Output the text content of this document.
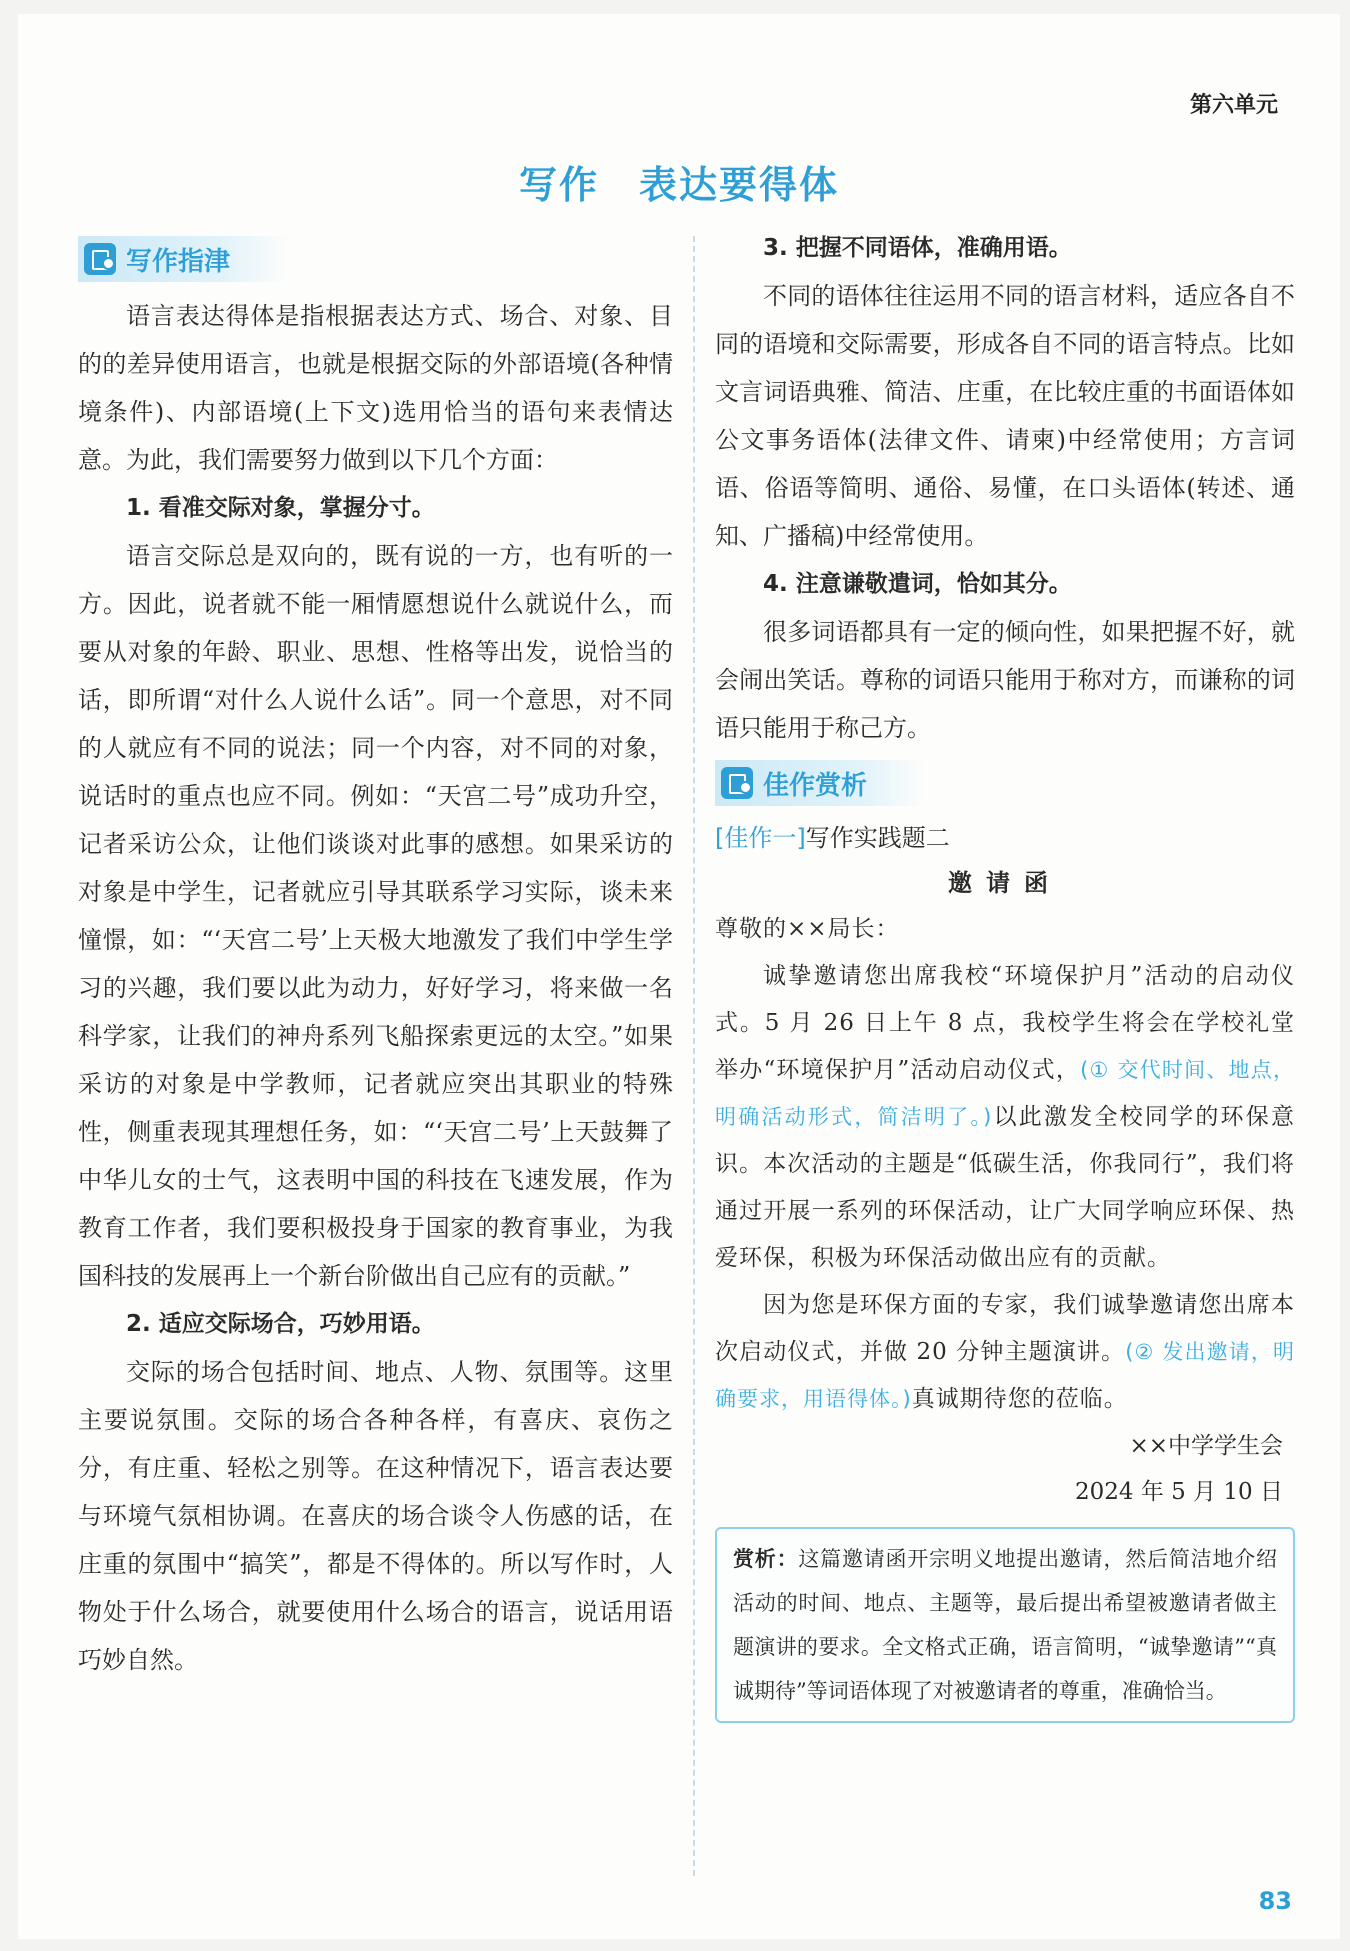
第六单元
写作 表达要得体
写作指津

语言表达得体是指根据表达方式、场合、对象、目的的差异使用语言，也就是根据交际的外部语境(各种情境条件)、内部语境(上下文)选用恰当的语句来表情达意。为此，我们需要努力做到以下几个方面：

1. 看准交际对象，掌握分寸。

语言交际总是双向的，既有说的一方，也有听的一方。因此，说者就不能一厢情愿想说什么就说什么，而要从对象的年龄、职业、思想、性格等出发，说恰当的话，即所谓“对什么人说什么话”。同一个意思，对不同的人就应有不同的说法；同一个内容，对不同的对象，说话时的重点也应不同。例如：“天宫二号”成功升空，记者采访公众，让他们谈谈对此事的感想。如果采访的对象是中学生，记者就应引导其联系学习实际，谈未来憧憬，如：“‘天宫二号’上天极大地激发了我们中学生学习的兴趣，我们要以此为动力，好好学习，将来做一名科学家，让我们的神舟系列飞船探索更远的太空。”如果采访的对象是中学教师，记者就应突出其职业的特殊性，侧重表现其理想任务，如：“‘天宫二号’上天鼓舞了中华儿女的士气，这表明中国的科技在飞速发展，作为教育工作者，我们要积极投身于国家的教育事业，为我国科技的发展再上一个新台阶做出自己应有的贡献。”

2. 适应交际场合，巧妙用语。

交际的场合包括时间、地点、人物、氛围等。这里主要说氛围。交际的场合各种各样，有喜庆、哀伤之分，有庄重、轻松之别等。在这种情况下，语言表达要与环境气氛相协调。在喜庆的场合谈令人伤感的话，在庄重的氛围中“搞笑”，都是不得体的。所以写作时，人物处于什么场合，就要使用什么场合的语言，说话用语巧妙自然。

3. 把握不同语体，准确用语。

不同的语体往往运用不同的语言材料，适应各自不同的语境和交际需要，形成各自不同的语言特点。比如文言词语典雅、简洁、庄重，在比较庄重的书面语体如公文事务语体(法律文件、请柬)中经常使用；方言词语、俗语等简明、通俗、易懂，在口头语体(转述、通知、广播稿)中经常使用。

4. 注意谦敬遣词，恰如其分。

很多词语都具有一定的倾向性，如果把握不好，就会闹出笑话。尊称的词语只能用于称对方，而谦称的词语只能用于称己方。

佳作赏析
[佳作一]写作实践题二
邀请函

尊敬的××局长：

诚挚邀请您出席我校“环境保护月”活动的启动仪式。5 月 26 日上午 8 点，我校学生将会在学校礼堂举办“环境保护月”活动启动仪式，(① 交代时间、地点，明确活动形式，简洁明了。)以此激发全校同学的环保意识。本次活动的主题是“低碳生活，你我同行”，我们将通过开展一系列的环保活动，让广大同学响应环保、热爱环保，积极为环保活动做出应有的贡献。

因为您是环保方面的专家，我们诚挚邀请您出席本次启动仪式，并做 20 分钟主题演讲。(② 发出邀请，明确要求，用语得体。)真诚期待您的莅临。

××中学学生会
2024 年 5 月 10 日

赏析：这篇邀请函开宗明义地提出邀请，然后简洁地介绍活动的时间、地点、主题等，最后提出希望被邀请者做主题演讲的要求。全文格式正确，语言简明，“诚挚邀请”“真诚期待”等词语体现了对被邀请者的尊重，准确恰当。

83
